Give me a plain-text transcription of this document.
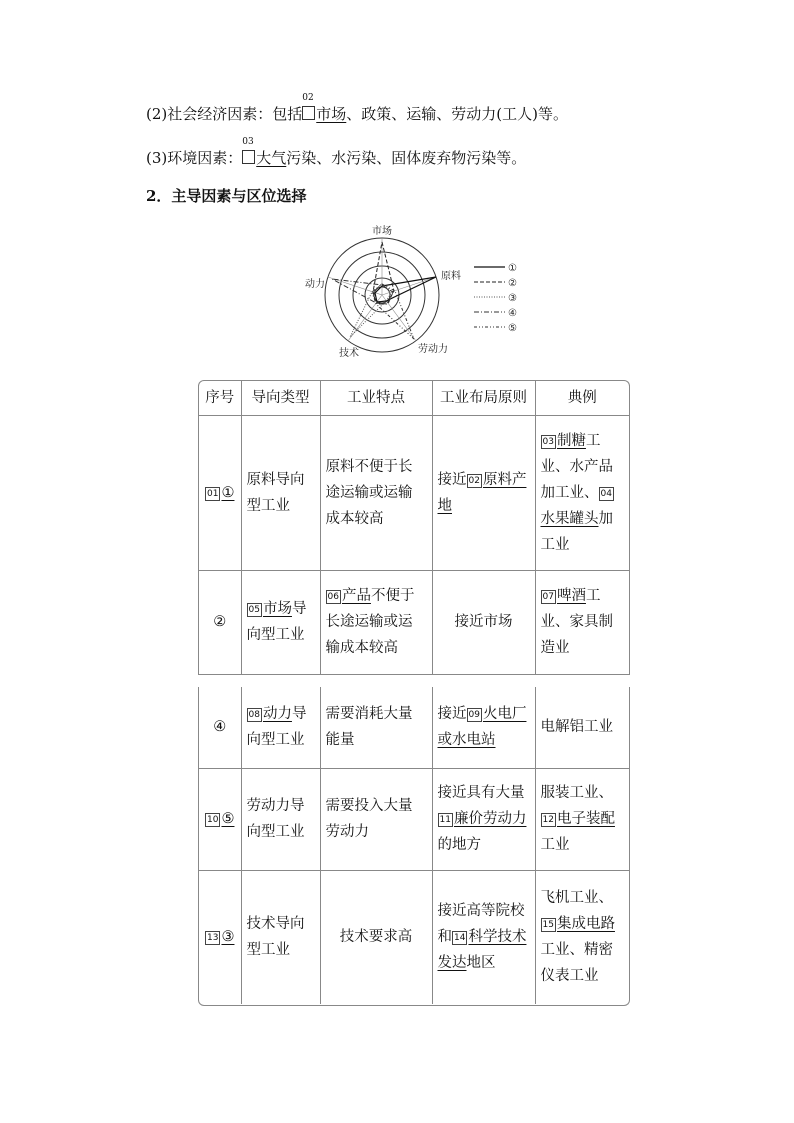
(2)社会经济因素：包括
02
市场、政策、运输、劳动力(工人)等。
(3)环境因素：
03
大气污染、水污染、固体废弃物污染等。
2．主导因素与区位选择
市场
原料
劳动力
技术
动力
①
②
③
④
⑤
序号	导向类型	工业特点	工业布局原则	典例
01 ①	原料导向型工业	原料不便于长途运输或运输成本较高	接近 02 原料产地	03 制糖工业、水产品加工业、 04水果罐头加工业
②	05 市场导向型工业	06 产品不便于长途运输或运输成本较高	接近市场	07 啤酒工业、家具制造业
④	08 动力导向型工业	需要消耗大量能量	接近 09 火电厂或水电站	电解铝工业
10 ⑤	劳动力导向型工业	需要投入大量劳动力	接近具有大量11 廉价劳动力的地方	服装工业、12 电子装配工业
13 ③	技术导向型工业	技术要求高	接近高等院校和 14 科学技术发达地区	飞机工业、15 集成电路工业、精密仪表工业
